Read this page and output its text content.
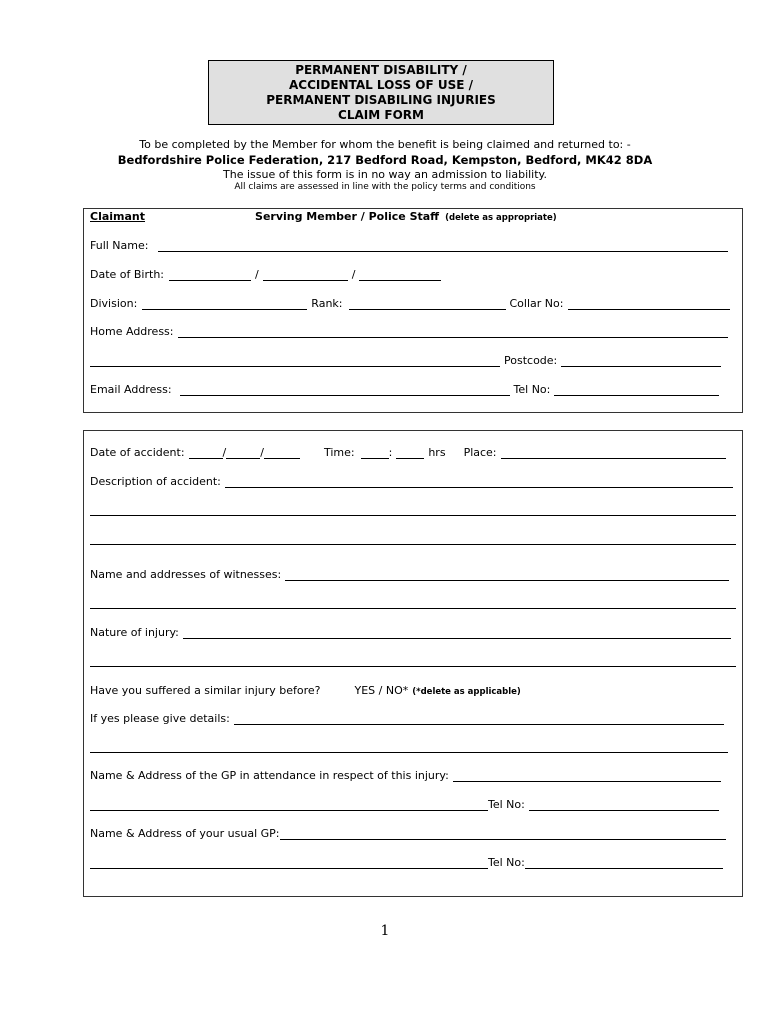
PERMANENT DISABILITY /
ACCIDENTAL LOSS OF USE /
PERMANENT DISABILING INJURIES
CLAIM FORM
To be completed by the Member for whom the benefit is being claimed and returned to: -
Bedfordshire Police Federation, 217 Bedford Road, Kempston, Bedford, MK42 8DA
The issue of this form is in no way an admission to liability.
All claims are assessed in line with the policy terms and conditions
Claimant	Serving Member / Police Staff (delete as appropriate)
Full Name:
Date of Birth:	/	/
Division:	Rank:	Collar No:
Home Address:
Postcode:
Email Address:	Tel No:
Date of accident:	/	/	Time:	:	hrs Place:
Description of accident:
Name and addresses of witnesses:
Nature of injury:
Have you suffered a similar injury before?	YES / NO* (*delete as applicable)
If yes please give details:
Name & Address of the GP in attendance in respect of this injury:
Tel No:
Name & Address of your usual GP:
Tel No:
1
